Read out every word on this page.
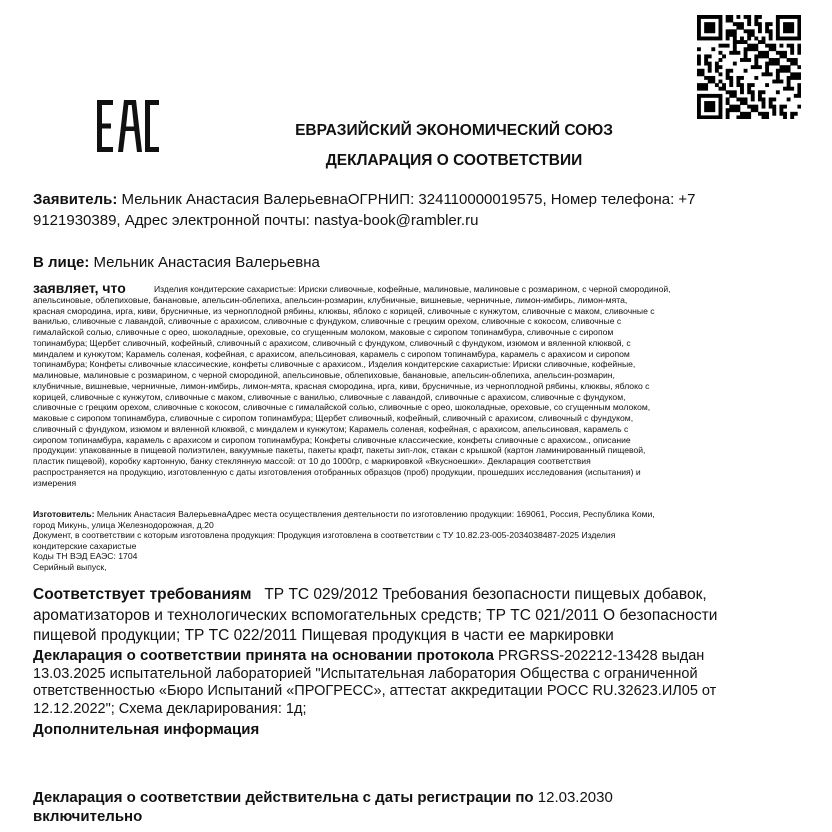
ЕВРАЗИЙСКИЙ ЭКОНОМИЧЕСКИЙ СОЮЗ
ДЕКЛАРАЦИЯ О СООТВЕТСТВИИ
Заявитель: Мельник Анастасия ВалерьевнаОГРНИП: 324110000019575, Номер телефона: +7
9121930389, Адрес электронной почты: nastya-book@rambler.ru
В лице: Мельник Анастасия Валерьевна
заявляет, что	Изделия кондитерские сахаристые: Ириски сливочные, кофейные, малиновые, малиновые с розмарином, с черной смородиной,
апельсиновые, облепиховые, банановые, апельсин-облепиха, апельсин-розмарин, клубничные, вишневые, черничные, лимон-имбирь, лимон-мята,
красная смородина, ирга, киви, брусничные, из черноплодной рябины, клюквы, яблоко с корицей, сливочные с кунжутом, сливочные с маком, сливочные с
ванилью, сливочные с лавандой, сливочные с арахисом, сливочные с фундуком, сливочные с грецким орехом, сливочные с кокосом, сливочные с
гималайской солью, сливочные с орео, шоколадные, ореховые, со сгущенным молоком, маковые с сиропом топинамбура, сливочные с сиропом
топинамбура; Щербет сливочный, кофейный, сливочный с арахисом, сливочный с фундуком, сливочный с фундуком, изюмом и вяленной клюквой, с
миндалем и кунжутом; Карамель соленая, кофейная, с арахисом, апельсиновая, карамель с сиропом топинамбура, карамель с арахисом и сиропом
топинамбура; Конфеты сливочные классические, конфеты сливочные с арахисом., Изделия кондитерские сахаристые: Ириски сливочные, кофейные,
малиновые, малиновые с розмарином, с черной смородиной, апельсиновые, облепиховые, банановые, апельсин-облепиха, апельсин-розмарин,
клубничные, вишневые, черничные, лимон-имбирь, лимон-мята, красная смородина, ирга, киви, брусничные, из черноплодной рябины, клюквы, яблоко с
корицей, сливочные с кунжутом, сливочные с маком, сливочные с ванилью, сливочные с лавандой, сливочные с арахисом, сливочные с фундуком,
сливочные с грецким орехом, сливочные с кокосом, сливочные с гималайской солью, сливочные с орео, шоколадные, ореховые, со сгущенным молоком,
маковые с сиропом топинамбура, сливочные с сиропом топинамбура; Щербет сливочный, кофейный, сливочный с арахисом, сливочный с фундуком,
сливочный с фундуком, изюмом и вяленной клюквой, с миндалем и кунжутом; Карамель соленая, кофейная, с арахисом, апельсиновая, карамель с
сиропом топинамбура, карамель с арахисом и сиропом топинамбура; Конфеты сливочные классические, конфеты сливочные с арахисом., описание
продукции: упакованные в пищевой полиэтилен, вакуумные пакеты, пакеты крафт, пакеты зип-лок, стакан с крышкой (картон ламинированный пищевой,
пластик пищевой), коробку картонную, банку стеклянную массой: от 10 до 1000гр, с маркировкой «Вкусноешки». Декларация соответствия
распространяется на продукцию, изготовленную с даты изготовления отобранных образцов (проб) продукции, прошедших исследования (испытания) и
измерения
Изготовитель: Мельник Анастасия ВалерьевнаАдрес места осуществления деятельности по изготовлению продукции: 169061, Россия, Республика Коми,
город Микунь, улица Железнодорожная, д.20
Документ, в соответствии с которым изготовлена продукция: Продукция изготовлена в соответствии с ТУ 10.82.23-005-2034038487-2025 Изделия
кондитерские сахаристые
Коды ТН ВЭД ЕАЭС: 1704
Серийный выпуск,
Соответствует требованиям ТР ТС 029/2012 Требования безопасности пищевых добавок,
ароматизаторов и технологических вспомогательных средств; ТР ТС 021/2011 О безопасности
пищевой продукции; ТР ТС 022/2011 Пищевая продукция в части ее маркировки
Декларация о соответствии принята на основании протокола PRGRSS-202212-13428 выдан
13.03.2025 испытательной лабораторией "Испытательная лаборатория Общества с ограниченной
ответственностью «Бюро Испытаний «ПРОГРЕСС», аттестат аккредитации РОСС RU.32623.ИЛ05 от
12.12.2022"; Схема декларирования: 1д;
Дополнительная информация
Декларация о соответствии действительна с даты регистрации по 12.03.2030
включительно
